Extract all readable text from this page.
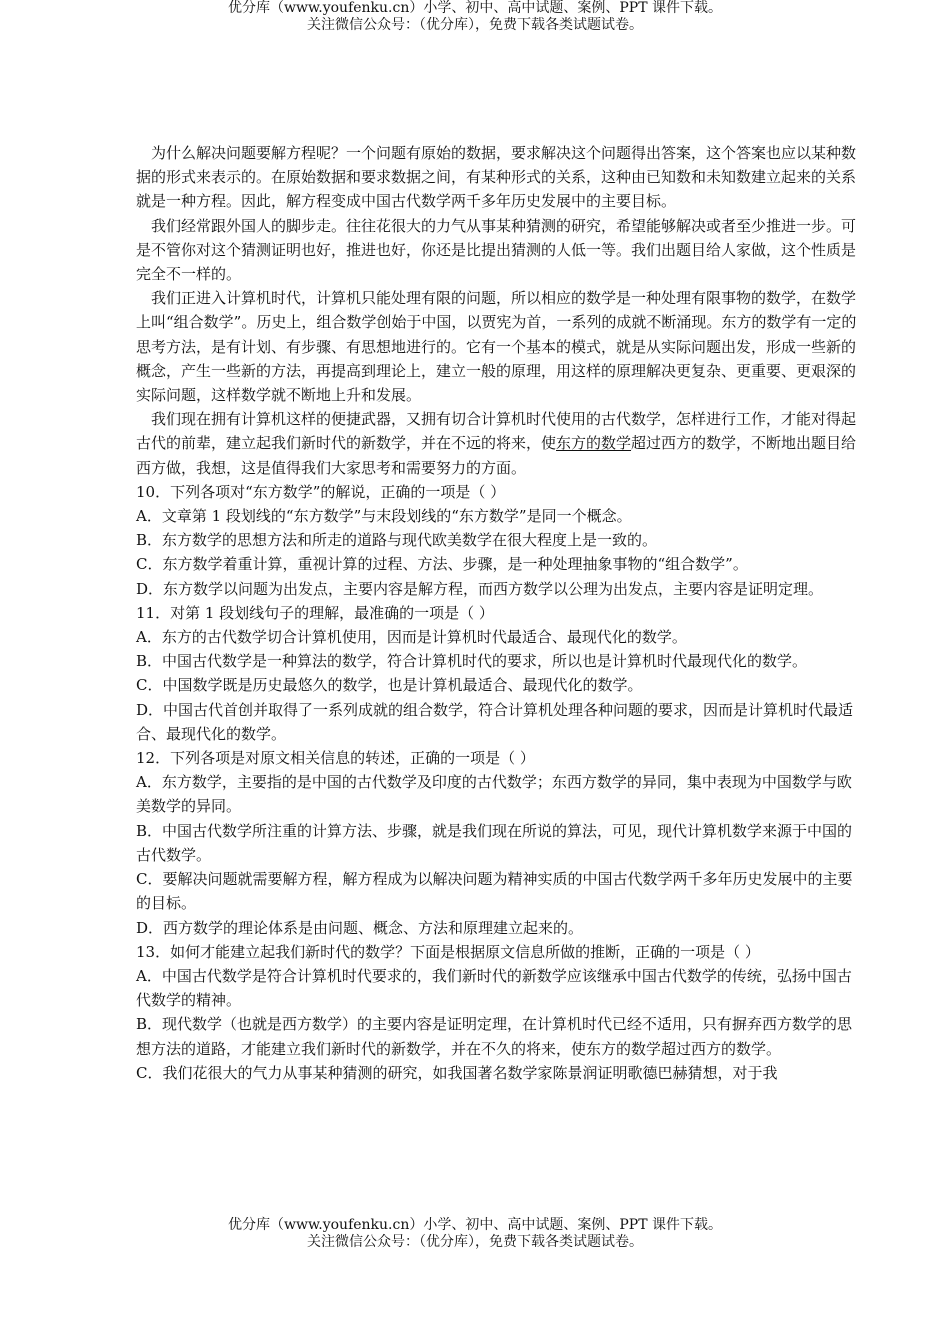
优分库（www.youfenku.cn）小学、初中、高中试题、案例、PPT 课件下载。
关注微信公众号：（优分库），免费下载各类试题试卷。

为什么解决问题要解方程呢？一个问题有原始的数据，要求解决这个问题得出答案，这个答案也应以某种数据的形式来表示的。在原始数据和要求数据之间，有某种形式的关系，这种由已知数和未知数建立起来的关系就是一种方程。因此，解方程变成中国古代数学两千多年历史发展中的主要目标。

我们经常跟外国人的脚步走。往往花很大的力气从事某种猜测的研究，希望能够解决或者至少推进一步。可是不管你对这个猜测证明也好，推进也好，你还是比提出猜测的人低一等。我们出题目给人家做，这个性质是完全不一样的。

我们正进入计算机时代，计算机只能处理有限的问题，所以相应的数学是一种处理有限事物的数学，在数学上叫“组合数学”。历史上，组合数学创始于中国，以贾宪为首，一系列的成就不断涌现。东方的数学有一定的思考方法，是有计划、有步骤、有思想地进行的。它有一个基本的模式，就是从实际问题出发，形成一些新的概念，产生一些新的方法，再提高到理论上，建立一般的原理，用这样的原理解决更复杂、更重要、更艰深的实际问题，这样数学就不断地上升和发展。

我们现在拥有计算机这样的便捷武器，又拥有切合计算机时代使用的古代数学，怎样进行工作，才能对得起古代的前辈，建立起我们新时代的新数学，并在不远的将来，使东方的数学超过西方的数学，不断地出题目给西方做，我想，这是值得我们大家思考和需要努力的方面。

10．下列各项对“东方数学”的解说，正确的一项是（ ）

A．文章第 1 段划线的“东方数学”与末段划线的“东方数学”是同一个概念。

B．东方数学的思想方法和所走的道路与现代欧美数学在很大程度上是一致的。

C．东方数学着重计算，重视计算的过程、方法、步骤，是一种处理抽象事物的“组合数学”。

D．东方数学以问题为出发点，主要内容是解方程，而西方数学以公理为出发点，主要内容是证明定理。

11．对第 1 段划线句子的理解，最准确的一项是（ ）

A．东方的古代数学切合计算机使用，因而是计算机时代最适合、最现代化的数学。

B．中国古代数学是一种算法的数学，符合计算机时代的要求，所以也是计算机时代最现代化的数学。

C．中国数学既是历史最悠久的数学，也是计算机最适合、最现代化的数学。

D．中国古代首创并取得了一系列成就的组合数学，符合计算机处理各种问题的要求，因而是计算机时代最适合、最现代化的数学。

12．下列各项是对原文相关信息的转述，正确的一项是（ ）

A．东方数学，主要指的是中国的古代数学及印度的古代数学；东西方数学的异同，集中表现为中国数学与欧美数学的异同。

B．中国古代数学所注重的计算方法、步骤，就是我们现在所说的算法，可见，现代计算机数学来源于中国的古代数学。

C．要解决问题就需要解方程，解方程成为以解决问题为精神实质的中国古代数学两千多年历史发展中的主要的目标。

D．西方数学的理论体系是由问题、概念、方法和原理建立起来的。

13．如何才能建立起我们新时代的数学？下面是根据原文信息所做的推断，正确的一项是（ ）

A．中国古代数学是符合计算机时代要求的，我们新时代的新数学应该继承中国古代数学的传统，弘扬中国古代数学的精神。

B．现代数学（也就是西方数学）的主要内容是证明定理，在计算机时代已经不适用，只有摒弃西方数学的思想方法的道路，才能建立我们新时代的新数学，并在不久的将来，使东方的数学超过西方的数学。

C．我们花很大的气力从事某种猜测的研究，如我国著名数学家陈景润证明歌德巴赫猜想，对于我

优分库（www.youfenku.cn）小学、初中、高中试题、案例、PPT 课件下载。
关注微信公众号：（优分库），免费下载各类试题试卷。
